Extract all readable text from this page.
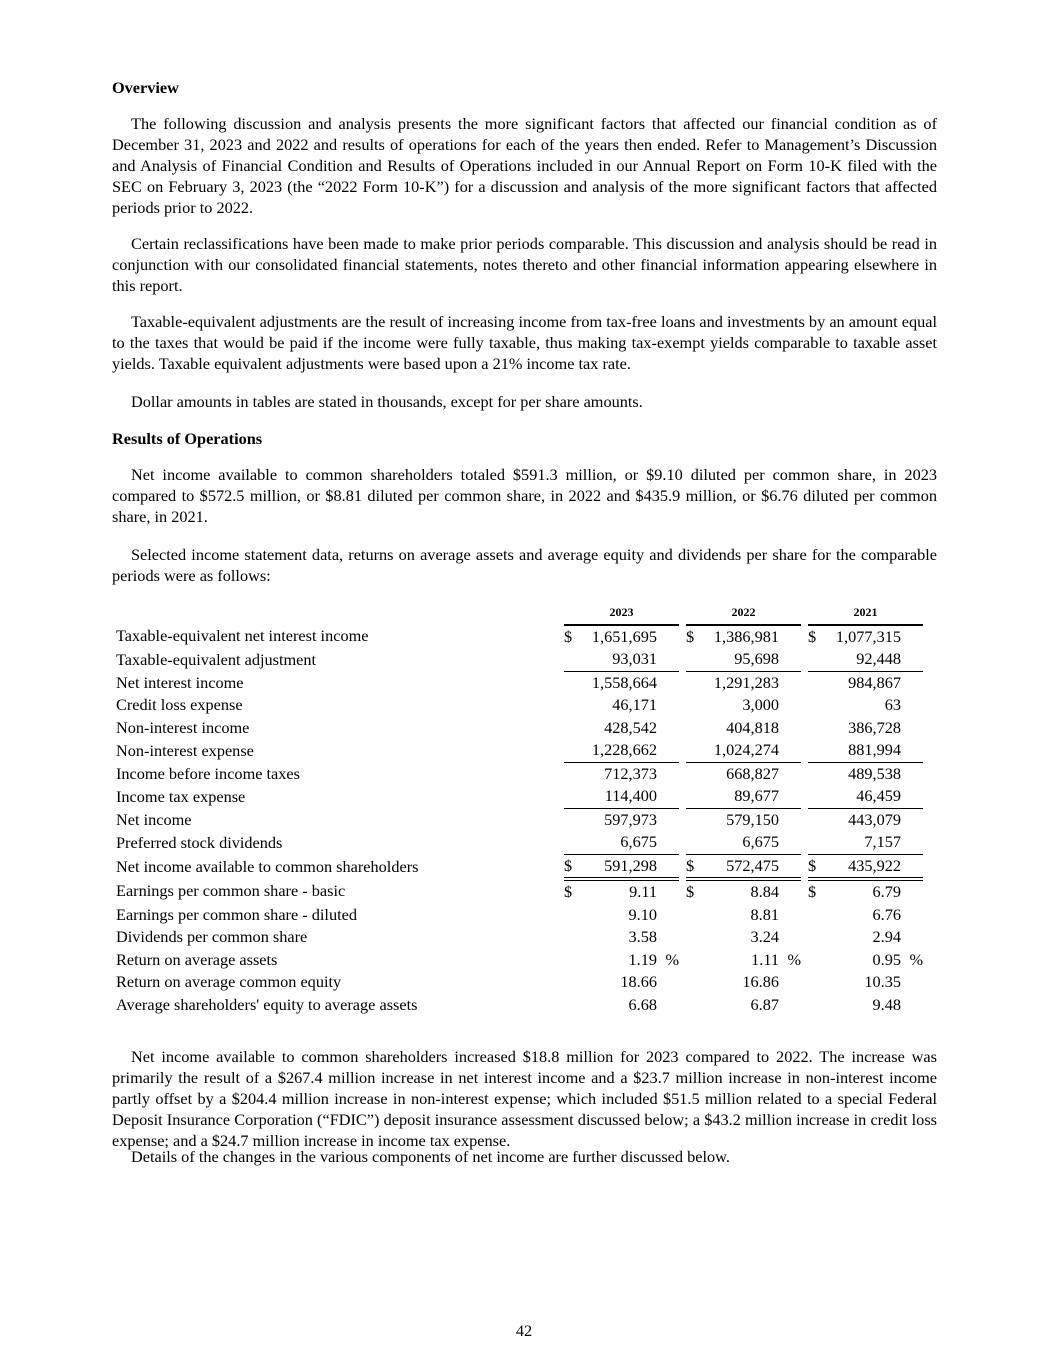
Overview
The following discussion and analysis presents the more significant factors that affected our financial condition as of December 31, 2023 and 2022 and results of operations for each of the years then ended. Refer to Management’s Discussion and Analysis of Financial Condition and Results of Operations included in our Annual Report on Form 10-K filed with the SEC on February 3, 2023 (the “2022 Form 10-K”) for a discussion and analysis of the more significant factors that affected periods prior to 2022.
Certain reclassifications have been made to make prior periods comparable. This discussion and analysis should be read in conjunction with our consolidated financial statements, notes thereto and other financial information appearing elsewhere in this report.
Taxable-equivalent adjustments are the result of increasing income from tax-free loans and investments by an amount equal to the taxes that would be paid if the income were fully taxable, thus making tax-exempt yields comparable to taxable asset yields. Taxable equivalent adjustments were based upon a 21% income tax rate.
Dollar amounts in tables are stated in thousands, except for per share amounts.
Results of Operations
Net income available to common shareholders totaled $591.3 million, or $9.10 diluted per common share, in 2023 compared to $572.5 million, or $8.81 diluted per common share, in 2022 and $435.9 million, or $6.76 diluted per common share, in 2021.
Selected income statement data, returns on average assets and average equity and dividends per share for the comparable periods were as follows:
	2023		2022		2021
Taxable-equivalent net interest income	$ 1,651,695		$ 1,386,981		$ 1,077,315

Taxable-equivalent adjustment	93,031		95,698		92,448

Net interest income	1,558,664		1,291,283		984,867

Credit loss expense	46,171		3,000		63

Non-interest income	428,542		404,818		386,728

Non-interest expense	1,228,662		1,024,274		881,994

Income before income taxes	712,373		668,827		489,538

Income tax expense	114,400		89,677		46,459

Net income	597,973		579,150		443,079

Preferred stock dividends	6,675		6,675		7,157

Net income available to common shareholders	$ 591,298		$ 572,475		$ 435,922

Earnings per common share - basic	$ 9.11		$ 8.84		$ 6.79

Earnings per common share - diluted	9.10		8.81		6.76

Dividends per common share	3.58		3.24		2.94

Return on average assets	1.19 %		1.11 %		0.95 %

Return on average common equity	18.66		16.86		10.35

Average shareholders' equity to average assets	6.68		6.87		9.48
Net income available to common shareholders increased $18.8 million for 2023 compared to 2022. The increase was primarily the result of a $267.4 million increase in net interest income and a $23.7 million increase in non-interest income partly offset by a $204.4 million increase in non-interest expense; which included $51.5 million related to a special Federal Deposit Insurance Corporation (“FDIC”) deposit insurance assessment discussed below; a $43.2 million increase in credit loss expense; and a $24.7 million increase in income tax expense.
Details of the changes in the various components of net income are further discussed below.
42
